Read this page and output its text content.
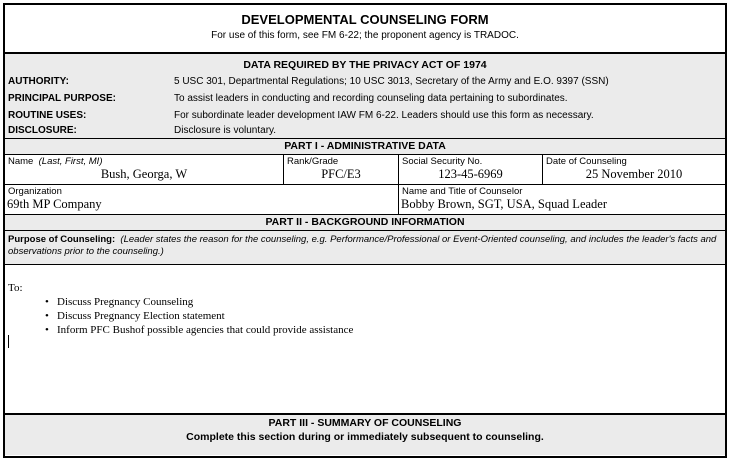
DEVELOPMENTAL COUNSELING FORM
For use of this form, see FM 6-22; the proponent agency is TRADOC.
DATA REQUIRED BY THE PRIVACY ACT OF 1974
AUTHORITY:	5 USC 301, Departmental Regulations; 10 USC 3013, Secretary of the Army and E.O. 9397 (SSN)
PRINCIPAL PURPOSE:	To assist leaders in conducting and recording counseling data pertaining to subordinates.
ROUTINE USES:	For subordinate leader development IAW FM 6-22. Leaders should use this form as necessary.
DISCLOSURE:	Disclosure is voluntary.
PART I - ADMINISTRATIVE DATA
Name (Last, First, MI)
Bush, Georga, W
Rank/Grade
PFC/E3
Social Security No.
123-45-6969
Date of Counseling
25 November 2010
Organization
69th MP Company
Name and Title of Counselor
Bobby Brown, SGT, USA, Squad Leader
PART II - BACKGROUND INFORMATION
Purpose of Counseling: (Leader states the reason for the counseling, e.g. Performance/Professional or Event-Oriented counseling, and includes the leader's facts and observations prior to the counseling.)
To:
• Discuss Pregnancy Counseling
• Discuss Pregnancy Election statement
• Inform PFC Bushof possible agencies that could provide assistance
PART III - SUMMARY OF COUNSELING
Complete this section during or immediately subsequent to counseling.
